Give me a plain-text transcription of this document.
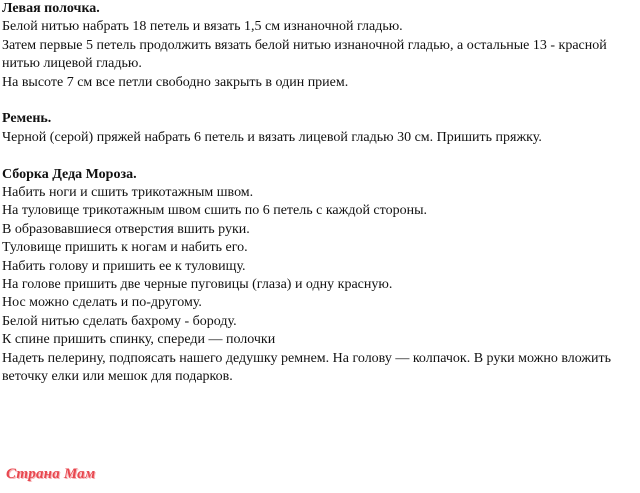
Левая полочка.

Белой нитью набрать 18 петель и вязать 1,5 см изнаночной гладью.

Затем первые 5 петель продолжить вязать белой нитью изнаночной гладью, а остальные 13 - красной нитью лицевой гладью.

На высоте 7 см все петли свободно закрыть в один прием.

Ремень.

Черной (серой) пряжей набрать 6 петель и вязать лицевой гладью 30 см. Пришить пряжку.

Сборка Деда Мороза.

Набить ноги и сшить трикотажным швом.

На туловище трикотажным швом сшить по 6 петель с каждой стороны.

В образовавшиеся отверстия вшить руки.

Туловище пришить к ногам и набить его.

Набить голову и пришить ее к туловищу.

На голове пришить две черные пуговицы (глаза) и одну красную.

Нос можно сделать и по-другому.

Белой нитью сделать бахрому - бороду.

К спине пришить спинку, спереди — полочки

Надеть пелерину, подпоясать нашего дедушку ремнем. На голову — колпачок. В руки можно вложить веточку елки или мешок для подарков.

Страна Мам
